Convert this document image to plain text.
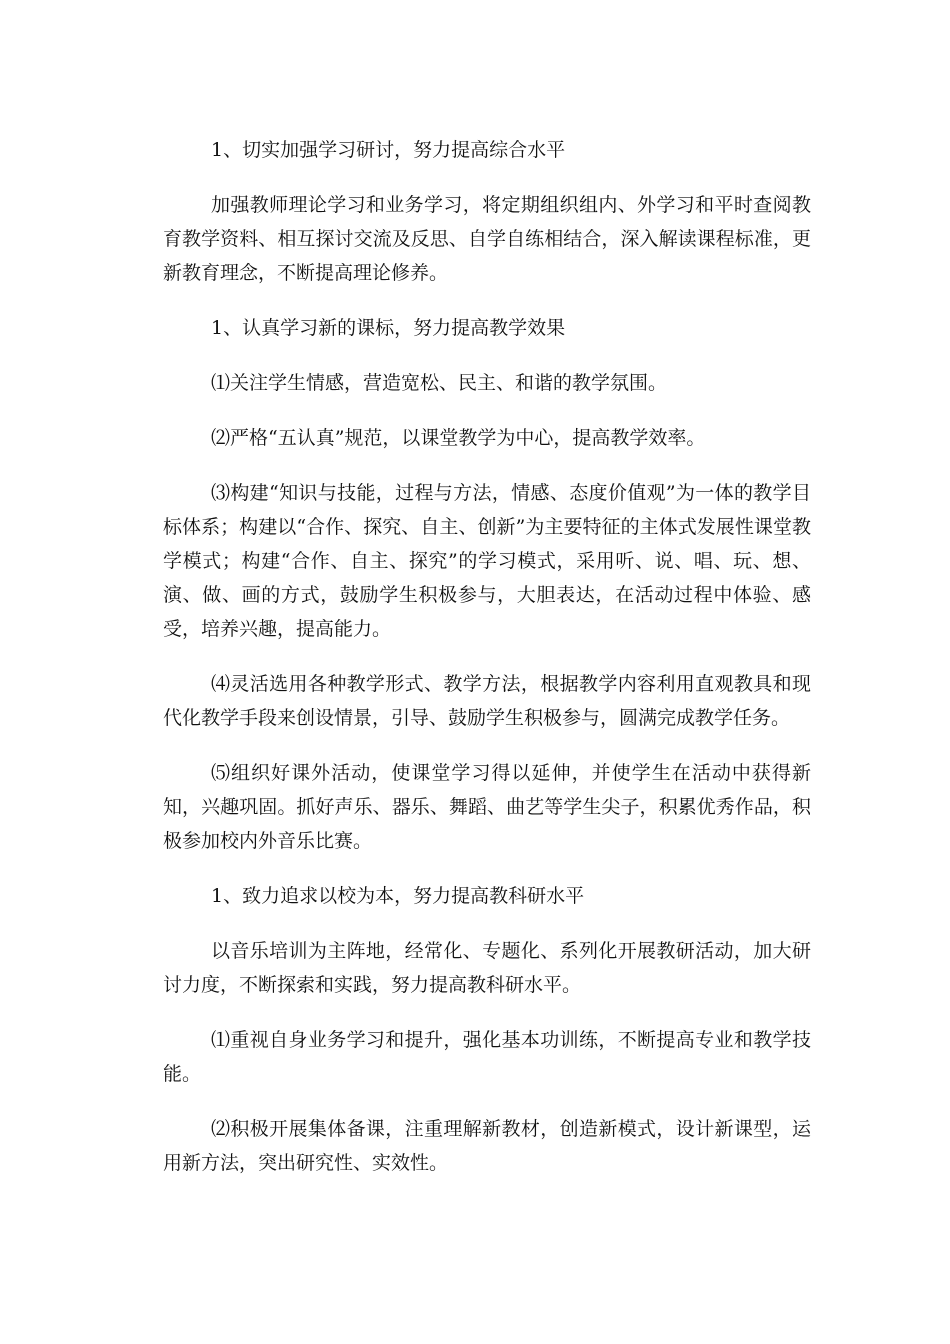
1、切实加强学习研讨，努力提高综合水平

加强教师理论学习和业务学习，将定期组织组内、外学习和平时查阅教育教学资料、相互探讨交流及反思、自学自练相结合，深入解读课程标准，更新教育理念，不断提高理论修养。

1、认真学习新的课标，努力提高教学效果

⑴关注学生情感，营造宽松、民主、和谐的教学氛围。

⑵严格“五认真”规范，以课堂教学为中心，提高教学效率。

⑶构建“知识与技能，过程与方法，情感、态度价值观”为一体的教学目标体系；构建以“合作、探究、自主、创新”为主要特征的主体式发展性课堂教学模式；构建“合作、自主、探究”的学习模式，采用听、说、唱、玩、想、演、做、画的方式，鼓励学生积极参与，大胆表达，在活动过程中体验、感受，培养兴趣，提高能力。

⑷灵活选用各种教学形式、教学方法，根据教学内容利用直观教具和现代化教学手段来创设情景，引导、鼓励学生积极参与，圆满完成教学任务。

⑸组织好课外活动，使课堂学习得以延伸，并使学生在活动中获得新知，兴趣巩固。抓好声乐、器乐、舞蹈、曲艺等学生尖子，积累优秀作品，积极参加校内外音乐比赛。

1、致力追求以校为本，努力提高教科研水平

以音乐培训为主阵地，经常化、专题化、系列化开展教研活动，加大研讨力度，不断探索和实践，努力提高教科研水平。

⑴重视自身业务学习和提升，强化基本功训练，不断提高专业和教学技能。

⑵积极开展集体备课，注重理解新教材，创造新模式，设计新课型，运用新方法，突出研究性、实效性。
